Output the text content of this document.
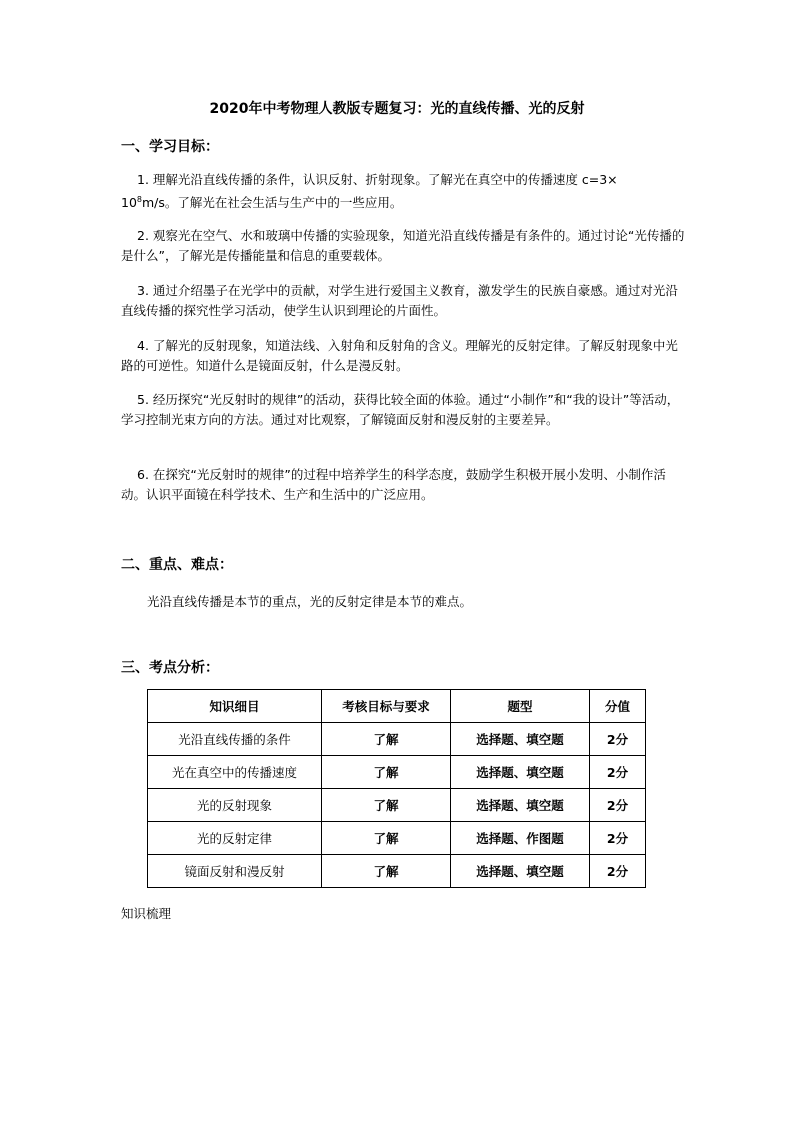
2020年中考物理人教版专题复习：光的直线传播、光的反射
一、学习目标：
1. 理解光沿直线传播的条件，认识反射、折射现象。了解光在真空中的传播速度 c=3×
$10^8m/s$。了解光在社会生活与生产中的一些应用。
2. 观察光在空气、水和玻璃中传播的实验现象，知道光沿直线传播是有条件的。通过讨论“光传播的是什么”，了解光是传播能量和信息的重要载体。
3. 通过介绍墨子在光学中的贡献，对学生进行爱国主义教育，激发学生的民族自豪感。通过对光沿直线传播的探究性学习活动，使学生认识到理论的片面性。
4. 了解光的反射现象，知道法线、入射角和反射角的含义。理解光的反射定律。了解反射现象中光路的可逆性。知道什么是镜面反射，什么是漫反射。
5. 经历探究“光反射时的规律”的活动，获得比较全面的体验。通过“小制作”和“我的设计”等活动，学习控制光束方向的方法。通过对比观察，了解镜面反射和漫反射的主要差异。
6. 在探究“光反射时的规律”的过程中培养学生的科学态度，鼓励学生积极开展小发明、小制作活动。认识平面镜在科学技术、生产和生活中的广泛应用。
二、重点、难点：
光沿直线传播是本节的重点，光的反射定律是本节的难点。
三、考点分析：
知识细目	考核目标与要求	题型	分值
光沿直线传播的条件	了解	选择题、填空题	2分
光在真空中的传播速度	了解	选择题、填空题	2分
光的反射现象	了解	选择题、填空题	2分
光的反射定律	了解	选择题、作图题	2分
镜面反射和漫反射	了解	选择题、填空题	2分
知识梳理
